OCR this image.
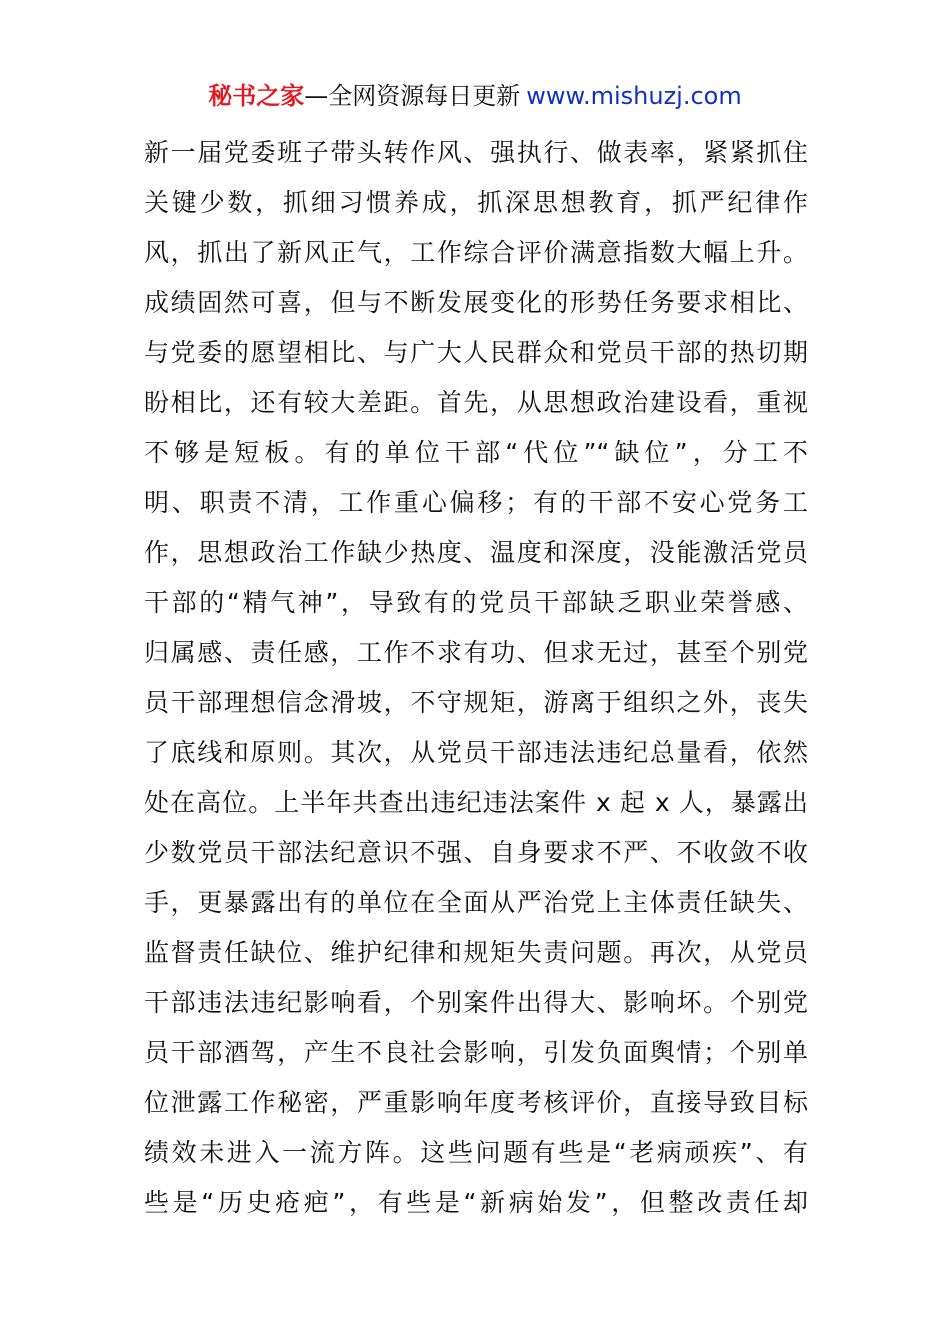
秘书之家—全网资源每日更新 www.mishuzj.com
新一届党委班子带头转作风、强执行、做表率，紧紧抓住
关键少数，抓细习惯养成，抓深思想教育，抓严纪律作
风，抓出了新风正气，工作综合评价满意指数大幅上升。
成绩固然可喜，但与不断发展变化的形势任务要求相比、
与党委的愿望相比、与广大人民群众和党员干部的热切期
盼相比，还有较大差距。首先，从思想政治建设看，重视
不够是短板。有的单位干部“代位”“缺位”，分工不
明、职责不清，工作重心偏移；有的干部不安心党务工
作，思想政治工作缺少热度、温度和深度，没能激活党员
干部的“精气神”，导致有的党员干部缺乏职业荣誉感、
归属感、责任感，工作不求有功、但求无过，甚至个别党
员干部理想信念滑坡，不守规矩，游离于组织之外，丧失
了底线和原则。其次，从党员干部违法违纪总量看，依然
处在高位。上半年共查出违纪违法案件 x 起 x 人，暴露出
少数党员干部法纪意识不强、自身要求不严、不收敛不收
手，更暴露出有的单位在全面从严治党上主体责任缺失、
监督责任缺位、维护纪律和规矩失责问题。再次，从党员
干部违法违纪影响看，个别案件出得大、影响坏。个别党
员干部酒驾，产生不良社会影响，引发负面舆情；个别单
位泄露工作秘密，严重影响年度考核评价，直接导致目标
绩效未进入一流方阵。这些问题有些是“老病顽疾”、有
些是“历史疮疤”，有些是“新病始发”，但整改责任却
